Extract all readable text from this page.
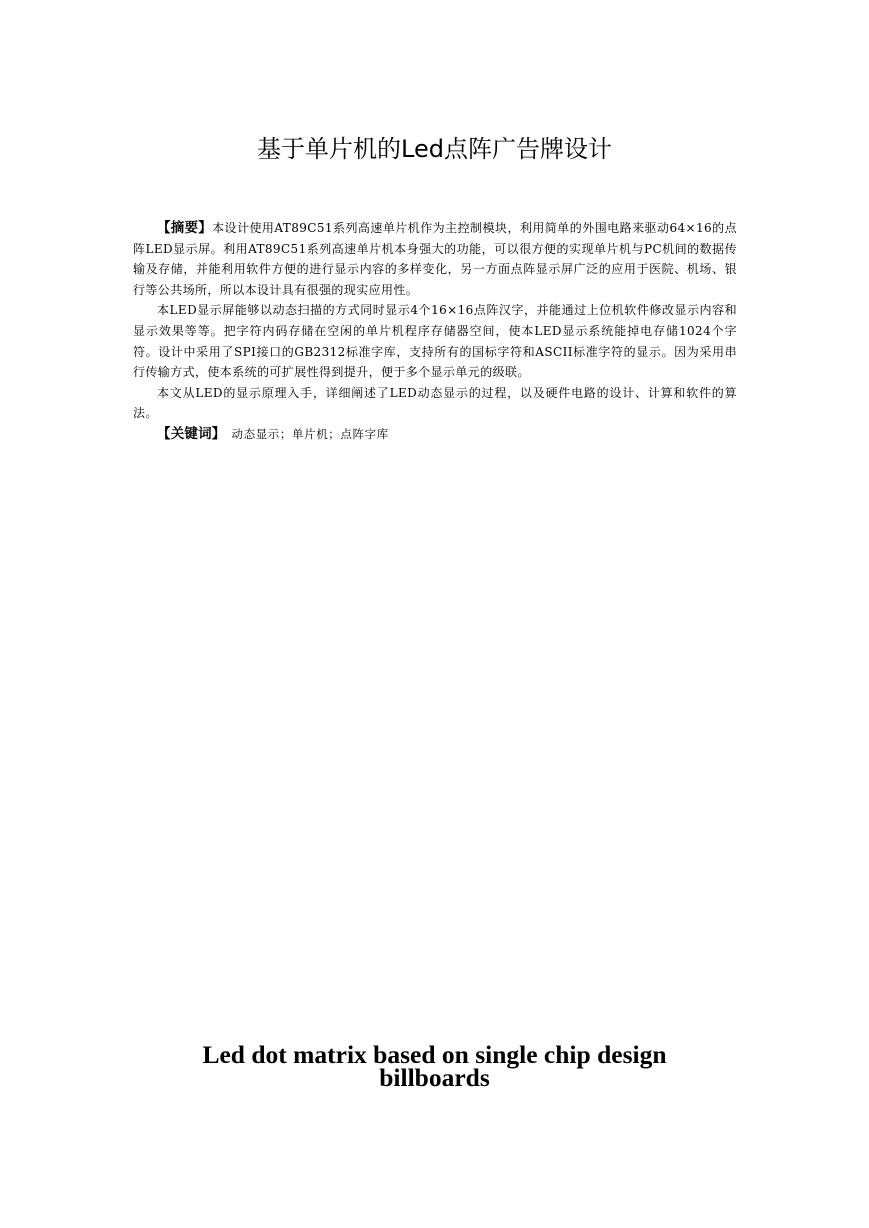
基于单片机的Led点阵广告牌设计

【摘要】本设计使用AT89C51系列高速单片机作为主控制模块，利用简单的外围电路来驱动64×16的点阵LED显示屏。利用AT89C51系列高速单片机本身强大的功能，可以很方便的实现单片机与PC机间的数据传输及存储，并能利用软件方便的进行显示内容的多样变化，另一方面点阵显示屏广泛的应用于医院、机场、银行等公共场所，所以本设计具有很强的现实应用性。

本LED显示屏能够以动态扫描的方式同时显示4个16×16点阵汉字，并能通过上位机软件修改显示内容和显示效果等等。把字符内码存储在空闲的单片机程序存储器空间，使本LED显示系统能掉电存储1024个字符。设计中采用了SPI接口的GB2312标准字库，支持所有的国标字符和ASCII标准字符的显示。因为采用串行传输方式，使本系统的可扩展性得到提升，便于多个显示单元的级联。

本文从LED的显示原理入手，详细阐述了LED动态显示的过程，以及硬件电路的设计、计算和软件的算法。

【关键词】 动态显示；单片机；点阵字库

Led dot matrix based on single chip design
billboards
